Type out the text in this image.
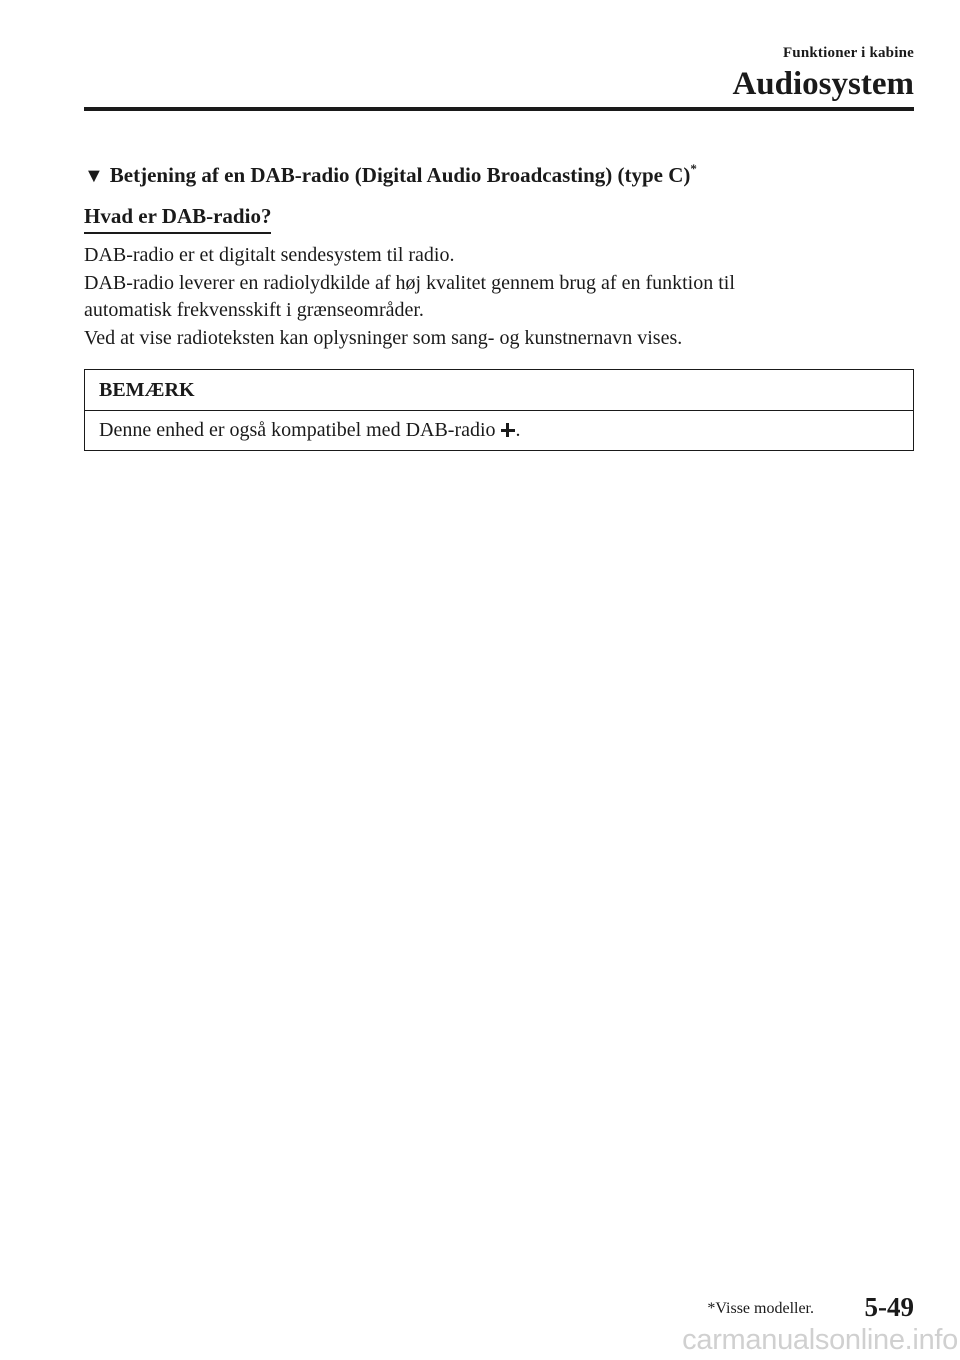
Funktioner i kabine
Audiosystem
▼ Betjening af en DAB-radio (Digital Audio Broadcasting) (type C)*
Hvad er DAB-radio?

DAB-radio er et digitalt sendesystem til radio.

DAB-radio leverer en radiolydkilde af høj kvalitet gennem brug af en funktion til

automatisk frekvensskift i grænseområder.

Ved at vise radioteksten kan oplysninger som sang- og kunstnernavn vises.

BEMÆRK
Denne enhed er også kompatibel med DAB-radio .
*Visse modeller. 5-49
carmanualsonline.info
